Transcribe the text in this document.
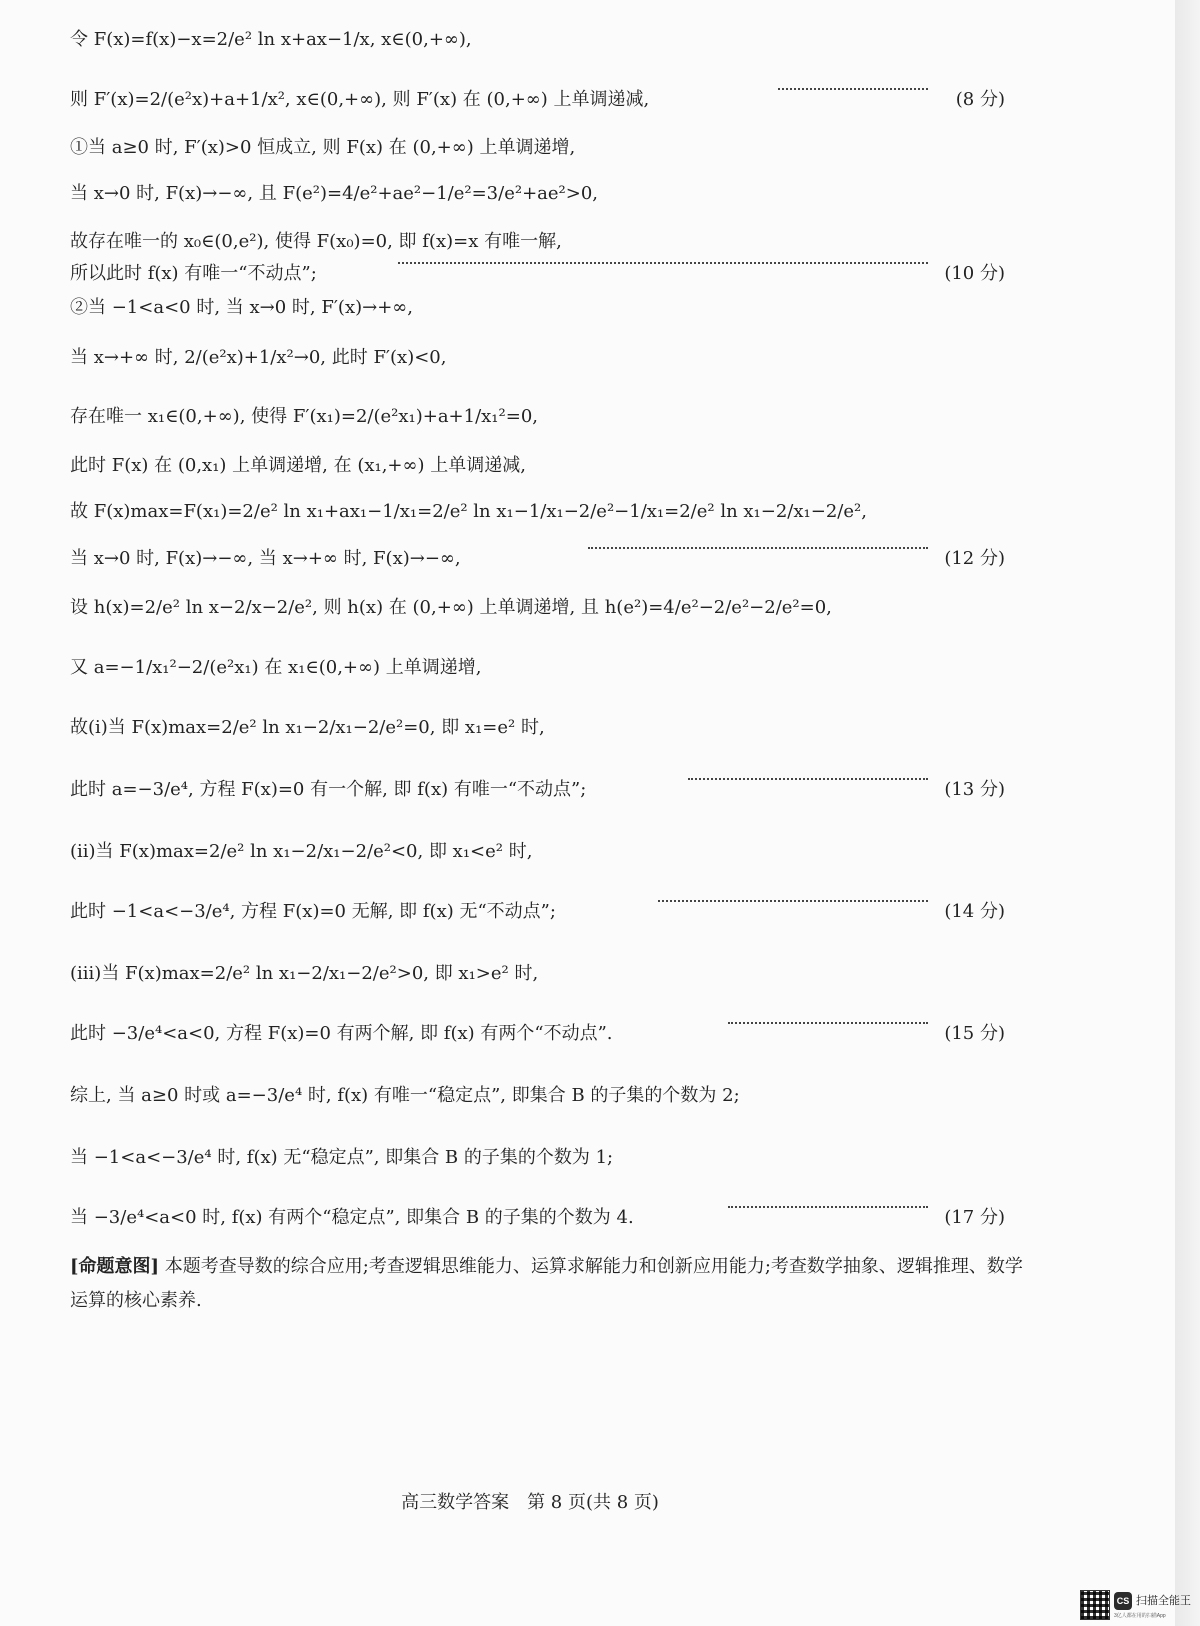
令 F(x)=f(x)−x=2/e² ln x+ax−1/x, x∈(0,+∞),
则 F′(x)=2/(e²x)+a+1/x², x∈(0,+∞), 则 F′(x) 在 (0,+∞) 上单调递减,	(8 分)
①当 a≥0 时, F′(x)>0 恒成立, 则 F(x) 在 (0,+∞) 上单调递增,
当 x→0 时, F(x)→−∞, 且 F(e²)=4/e²+ae²−1/e²=3/e²+ae²>0,
故存在唯一的 x₀∈(0,e²), 使得 F(x₀)=0, 即 f(x)=x 有唯一解,
所以此时 f(x) 有唯一“不动点”;	(10 分)
②当 −1<a<0 时, 当 x→0 时, F′(x)→+∞,
当 x→+∞ 时, 2/(e²x)+1/x²→0, 此时 F′(x)<0,
存在唯一 x₁∈(0,+∞), 使得 F′(x₁)=2/(e²x₁)+a+1/x₁²=0,
此时 F(x) 在 (0,x₁) 上单调递增, 在 (x₁,+∞) 上单调递减,
故 F(x)max=F(x₁)=2/e² ln x₁+ax₁−1/x₁=2/e² ln x₁−1/x₁−2/e²−1/x₁=2/e² ln x₁−2/x₁−2/e²,
当 x→0 时, F(x)→−∞, 当 x→+∞ 时, F(x)→−∞,	(12 分)
设 h(x)=2/e² ln x−2/x−2/e², 则 h(x) 在 (0,+∞) 上单调递增, 且 h(e²)=4/e²−2/e²−2/e²=0,
又 a=−1/x₁²−2/(e²x₁) 在 x₁∈(0,+∞) 上单调递增,
故(i)当 F(x)max=2/e² ln x₁−2/x₁−2/e²=0, 即 x₁=e² 时,
此时 a=−3/e⁴, 方程 F(x)=0 有一个解, 即 f(x) 有唯一“不动点”;	(13 分)
(ii)当 F(x)max=2/e² ln x₁−2/x₁−2/e²<0, 即 x₁<e² 时,
此时 −1<a<−3/e⁴, 方程 F(x)=0 无解, 即 f(x) 无“不动点”;	(14 分)
(iii)当 F(x)max=2/e² ln x₁−2/x₁−2/e²>0, 即 x₁>e² 时,
此时 −3/e⁴<a<0, 方程 F(x)=0 有两个解, 即 f(x) 有两个“不动点”.	(15 分)
综上, 当 a≥0 时或 a=−3/e⁴ 时, f(x) 有唯一“稳定点”, 即集合 B 的子集的个数为 2;
当 −1<a<−3/e⁴ 时, f(x) 无“稳定点”, 即集合 B 的子集的个数为 1;
当 −3/e⁴<a<0 时, f(x) 有两个“稳定点”, 即集合 B 的子集的个数为 4.	(17 分)
[命题意图] 本题考查导数的综合应用;考查逻辑思维能力、运算求解能力和创新应用能力;考查数学抽象、逻辑推理、数学运算的核心素养.
高三数学答案　第 8 页(共 8 页)
CS 扫描全能王
3亿人都在用的扫描App
